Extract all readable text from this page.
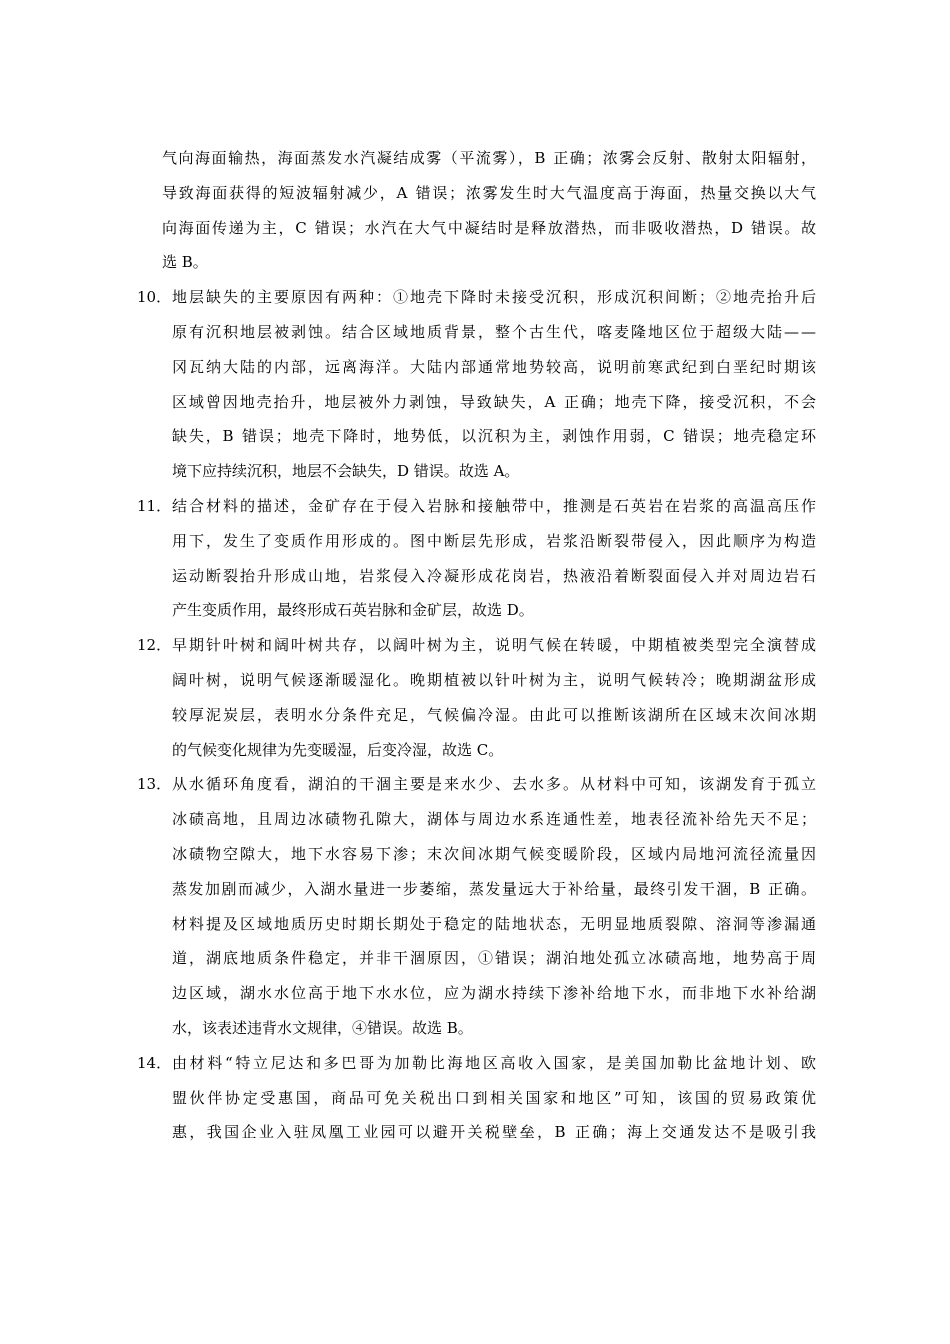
气向海面输热，海面蒸发水汽凝结成雾（平流雾），B 正确；浓雾会反射、散射太阳辐射，
导致海面获得的短波辐射减少，A 错误；浓雾发生时大气温度高于海面，热量交换以大气
向海面传递为主，C 错误；水汽在大气中凝结时是释放潜热，而非吸收潜热，D 错误。故
选 B。
10． 地层缺失的主要原因有两种：①地壳下降时未接受沉积，形成沉积间断；②地壳抬升后
原有沉积地层被剥蚀。结合区域地质背景，整个古生代，喀麦隆地区位于超级大陆——
冈瓦纳大陆的内部，远离海洋。大陆内部通常地势较高，说明前寒武纪到白垩纪时期该
区域曾因地壳抬升，地层被外力剥蚀，导致缺失，A 正确；地壳下降，接受沉积，不会
缺失，B 错误；地壳下降时，地势低，以沉积为主，剥蚀作用弱，C 错误；地壳稳定环
境下应持续沉积，地层不会缺失，D 错误。故选 A。
11． 结合材料的描述，金矿存在于侵入岩脉和接触带中，推测是石英岩在岩浆的高温高压作
用下，发生了变质作用形成的。图中断层先形成，岩浆沿断裂带侵入，因此顺序为构造
运动断裂抬升形成山地，岩浆侵入冷凝形成花岗岩，热液沿着断裂面侵入并对周边岩石
产生变质作用，最终形成石英岩脉和金矿层，故选 D。
12． 早期针叶树和阔叶树共存，以阔叶树为主，说明气候在转暖，中期植被类型完全演替成
阔叶树，说明气候逐渐暖湿化。晚期植被以针叶树为主，说明气候转冷；晚期湖盆形成
较厚泥炭层，表明水分条件充足，气候偏冷湿。由此可以推断该湖所在区域末次间冰期
的气候变化规律为先变暖湿，后变冷湿，故选 C。
13． 从水循环角度看，湖泊的干涸主要是来水少、去水多。从材料中可知，该湖发育于孤立
冰碛高地，且周边冰碛物孔隙大，湖体与周边水系连通性差，地表径流补给先天不足；
冰碛物空隙大，地下水容易下渗；末次间冰期气候变暖阶段，区域内局地河流径流量因
蒸发加剧而减少，入湖水量进一步萎缩，蒸发量远大于补给量，最终引发干涸，B 正确。
材料提及区域地质历史时期长期处于稳定的陆地状态，无明显地质裂隙、溶洞等渗漏通
道，湖底地质条件稳定，并非干涸原因，①错误；湖泊地处孤立冰碛高地，地势高于周
边区域，湖水水位高于地下水水位，应为湖水持续下渗补给地下水，而非地下水补给湖
水，该表述违背水文规律，④错误。故选 B。
14． 由材料“特立尼达和多巴哥为加勒比海地区高收入国家，是美国加勒比盆地计划、欧
盟伙伴协定受惠国，商品可免关税出口到相关国家和地区”可知，该国的贸易政策优
惠，我国企业入驻凤凰工业园可以避开关税壁垒，B 正确；海上交通发达不是吸引我
